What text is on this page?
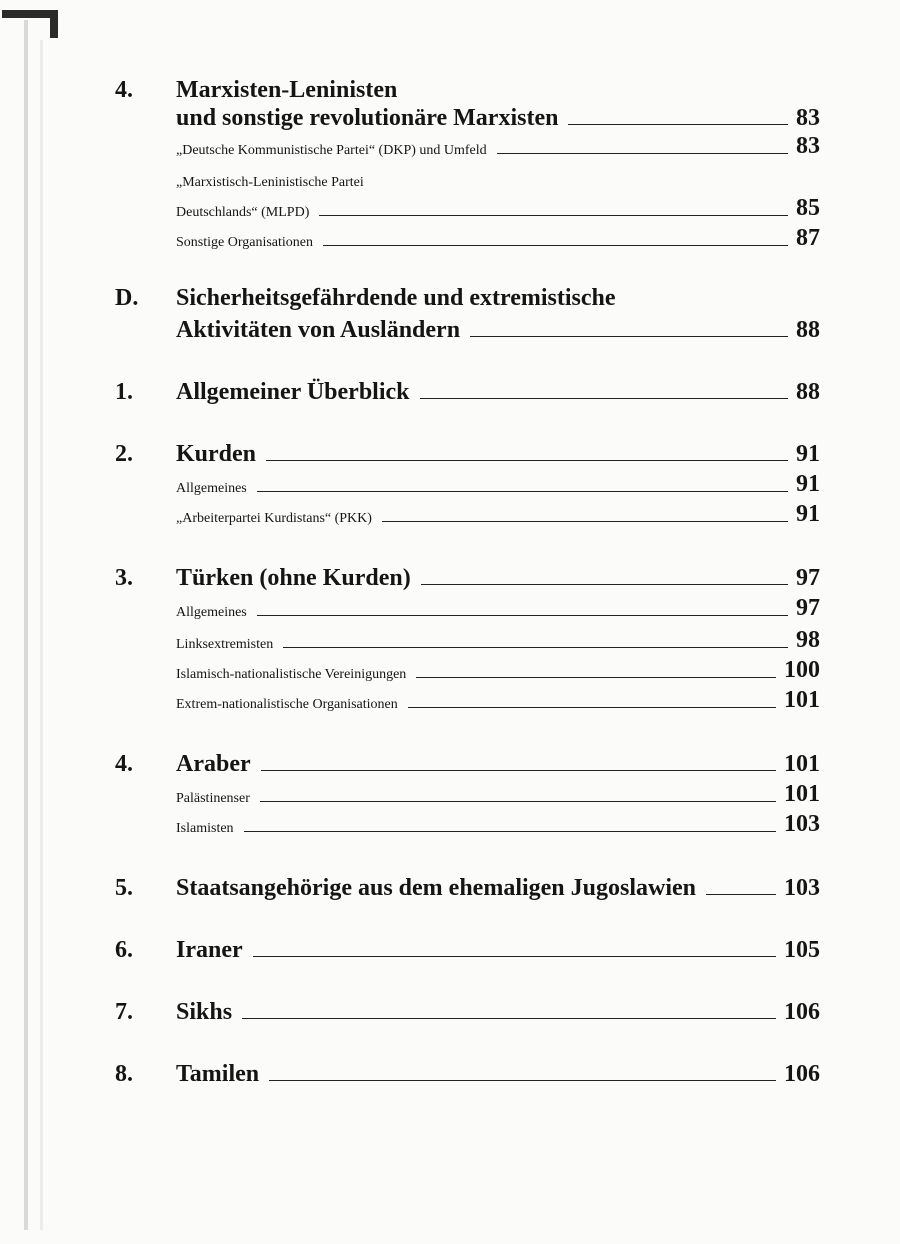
4. Marxisten-Leninisten
und sonstige revolutionäre Marxisten	83
„Deutsche Kommunistische Partei“ (DKP) und Umfeld	83
„Marxistisch-Leninistische Partei
Deutschlands“ (MLPD)	85
Sonstige Organisationen	87
D. Sicherheitsgefährdende und extremistische
Aktivitäten von Ausländern	88
1. Allgemeiner Überblick	88
2. Kurden	91
Allgemeines	91
„Arbeiterpartei Kurdistans“ (PKK)	91
3. Türken (ohne Kurden)	97
Allgemeines	97
Linksextremisten	98
Islamisch-nationalistische Vereinigungen	100
Extrem-nationalistische Organisationen	101
4. Araber	101
Palästinenser	101
Islamisten	103
5. Staatsangehörige aus dem ehemaligen Jugoslawien	103
6. Iraner	105
7. Sikhs	106
8. Tamilen	106
